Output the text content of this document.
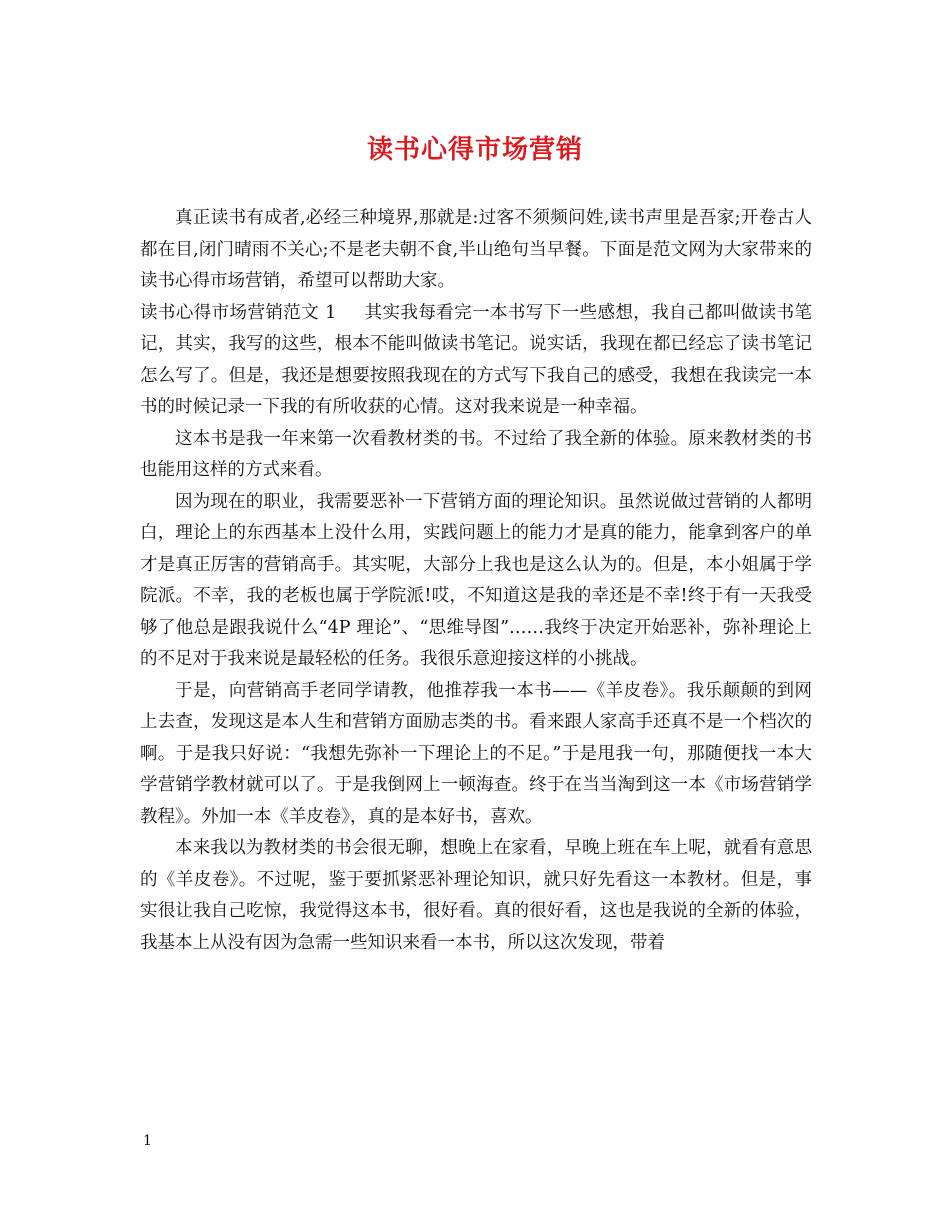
读书心得市场营销

真正读书有成者,必经三种境界,那就是:过客不须频问姓,读书声里是吾家;开卷古人都在目,闭门晴雨不关心;不是老夫朝不食,半山绝句当早餐。下面是范文网为大家带来的读书心得市场营销，希望可以帮助大家。

读书心得市场营销范文 1 其实我每看完一本书写下一些感想，我自己都叫做读书笔记，其实，我写的这些，根本不能叫做读书笔记。说实话，我现在都已经忘了读书笔记怎么写了。但是，我还是想要按照我现在的方式写下我自己的感受，我想在我读完一本书的时候记录一下我的有所收获的心情。这对我来说是一种幸福。

这本书是我一年来第一次看教材类的书。不过给了我全新的体验。原来教材类的书也能用这样的方式来看。

因为现在的职业，我需要恶补一下营销方面的理论知识。虽然说做过营销的人都明白，理论上的东西基本上没什么用，实践问题上的能力才是真的能力，能拿到客户的单才是真正厉害的营销高手。其实呢，大部分上我也是这么认为的。但是，本小姐属于学院派。不幸，我的老板也属于学院派!哎，不知道这是我的幸还是不幸!终于有一天我受够了他总是跟我说什么“4P 理论”、“思维导图”……我终于决定开始恶补，弥补理论上的不足对于我来说是最轻松的任务。我很乐意迎接这样的小挑战。

于是，向营销高手老同学请教，他推荐我一本书——《羊皮卷》。我乐颠颠的到网上去查，发现这是本人生和营销方面励志类的书。看来跟人家高手还真不是一个档次的啊。于是我只好说：“我想先弥补一下理论上的不足。”于是甩我一句，那随便找一本大学营销学教材就可以了。于是我倒网上一顿海查。终于在当当淘到这一本《市场营销学教程》。外加一本《羊皮卷》，真的是本好书，喜欢。

本来我以为教材类的书会很无聊，想晚上在家看，早晚上班在车上呢，就看有意思的《羊皮卷》。不过呢，鉴于要抓紧恶补理论知识，就只好先看这一本教材。但是，事实很让我自己吃惊，我觉得这本书，很好看。真的很好看，这也是我说的全新的体验，我基本上从没有因为急需一些知识来看一本书，所以这次发现，带着

1
